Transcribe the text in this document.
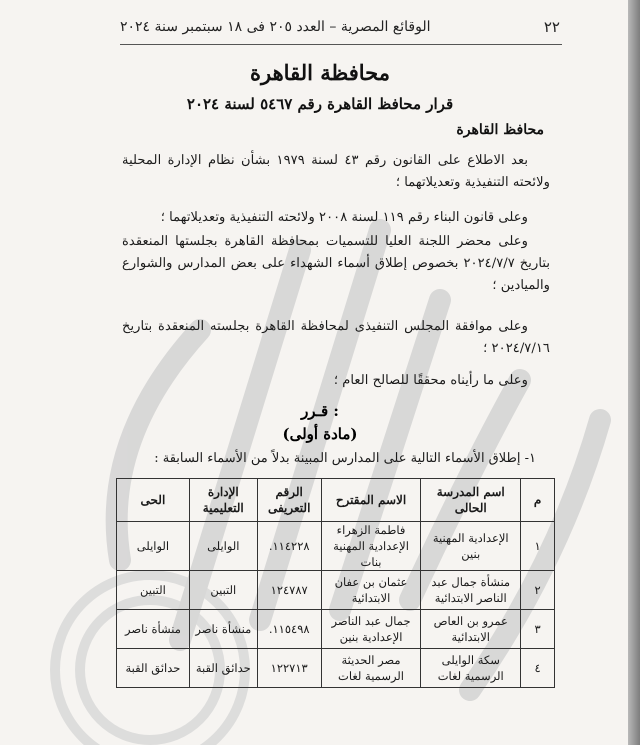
٢٢
الوقائع المصرية – العدد ٢٠٥ فى ١٨ سبتمبر سنة ٢٠٢٤
محافظة القاهرة
قرار محافظ القاهرة رقم ٥٤٦٧ لسنة ٢٠٢٤
محافظ القاهرة
بعد الاطلاع على القانون رقم ٤٣ لسنة ١٩٧٩ بشأن نظام الإدارة المحلية ولائحته التنفيذية وتعديلاتهما ؛
وعلى قانون البناء رقم ١١٩ لسنة ٢٠٠٨ ولائحته التنفيذية وتعديلاتهما ؛
وعلى محضر اللجنة العليا للتسميات بمحافظة القاهرة بجلستها المنعقدة بتاريخ ٢٠٢٤/٧/٧ بخصوص إطلاق أسماء الشهداء على بعض المدارس والشوارع والميادين ؛
وعلى موافقة المجلس التنفيذى لمحافظة القاهرة بجلسته المنعقدة بتاريخ ٢٠٢٤/٧/١٦ ؛
وعلى ما رأيناه محققًا للصالح العام ؛
قـرر :
(مادة أولى)
١- إطلاق الأسماء التالية على المدارس المبينة بدلاً من الأسماء السابقة :
م	اسم المدرسة الحالى	الاسم المقترح	الرقم التعريفى	الإدارة التعليمية	الحى
١	الإعدادية المهنية بنين	فاطمة الزهراء الإعدادية المهنية بنات	١١٤٢٢٨.	الوايلى	الوايلى
٢	منشأة جمال عبد الناصر الابتدائية	عثمان بن عفان الابتدائية	١٢٤٧٨٧	التبين	التبين
٣	عمرو بن العاص الابتدائية	جمال عبد الناصر الإعدادية بنين	١١٥٤٩٨.	منشأة ناصر	منشأة ناصر
٤	سكة الوايلى الرسمية لغات	مصر الحديثة الرسمية لغات	١٢٢٧١٣	حدائق القبة	حدائق القبة
